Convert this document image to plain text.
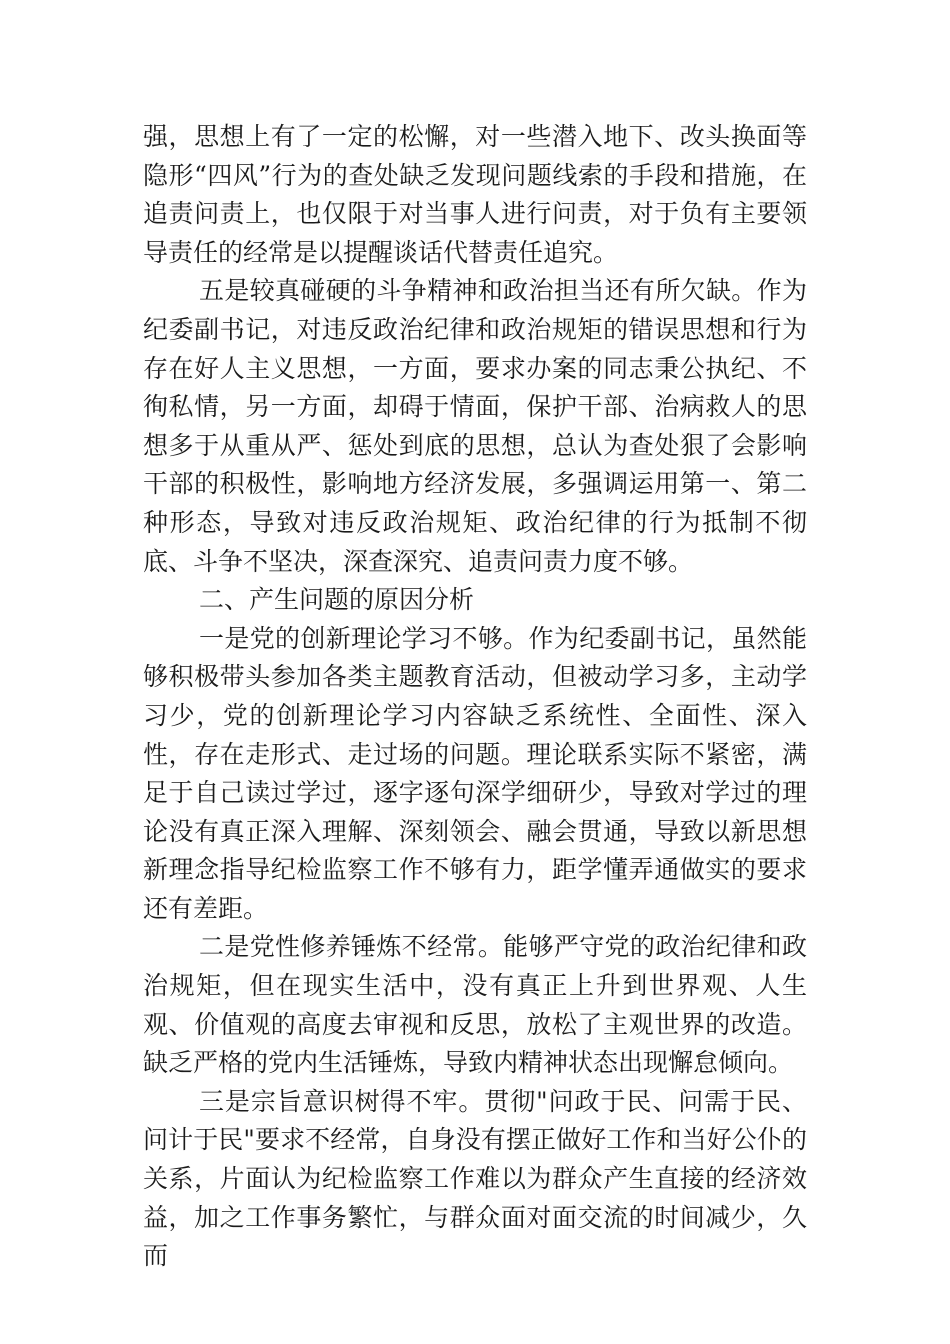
强，思想上有了一定的松懈，对一些潜入地下、改头换面等隐形“四风”行为的查处缺乏发现问题线索的手段和措施，在追责问责上，也仅限于对当事人进行问责，对于负有主要领导责任的经常是以提醒谈话代替责任追究。

五是较真碰硬的斗争精神和政治担当还有所欠缺。作为纪委副书记，对违反政治纪律和政治规矩的错误思想和行为存在好人主义思想，一方面，要求办案的同志秉公执纪、不徇私情，另一方面，却碍于情面，保护干部、治病救人的思想多于从重从严、惩处到底的思想，总认为查处狠了会影响干部的积极性，影响地方经济发展，多强调运用第一、第二种形态，导致对违反政治规矩、政治纪律的行为抵制不彻底、斗争不坚决，深查深究、追责问责力度不够。

二、产生问题的原因分析

一是党的创新理论学习不够。作为纪委副书记，虽然能够积极带头参加各类主题教育活动，但被动学习多，主动学习少，党的创新理论学习内容缺乏系统性、全面性、深入性，存在走形式、走过场的问题。理论联系实际不紧密，满足于自己读过学过，逐字逐句深学细研少，导致对学过的理论没有真正深入理解、深刻领会、融会贯通，导致以新思想新理念指导纪检监察工作不够有力，距学懂弄通做实的要求还有差距。

二是党性修养锤炼不经常。能够严守党的政治纪律和政治规矩，但在现实生活中，没有真正上升到世界观、人生观、价值观的高度去审视和反思，放松了主观世界的改造。缺乏严格的党内生活锤炼，导致内精神状态出现懈怠倾向。

三是宗旨意识树得不牢。贯彻"问政于民、问需于民、问计于民"要求不经常，自身没有摆正做好工作和当好公仆的关系，片面认为纪检监察工作难以为群众产生直接的经济效益，加之工作事务繁忙，与群众面对面交流的时间减少，久而
